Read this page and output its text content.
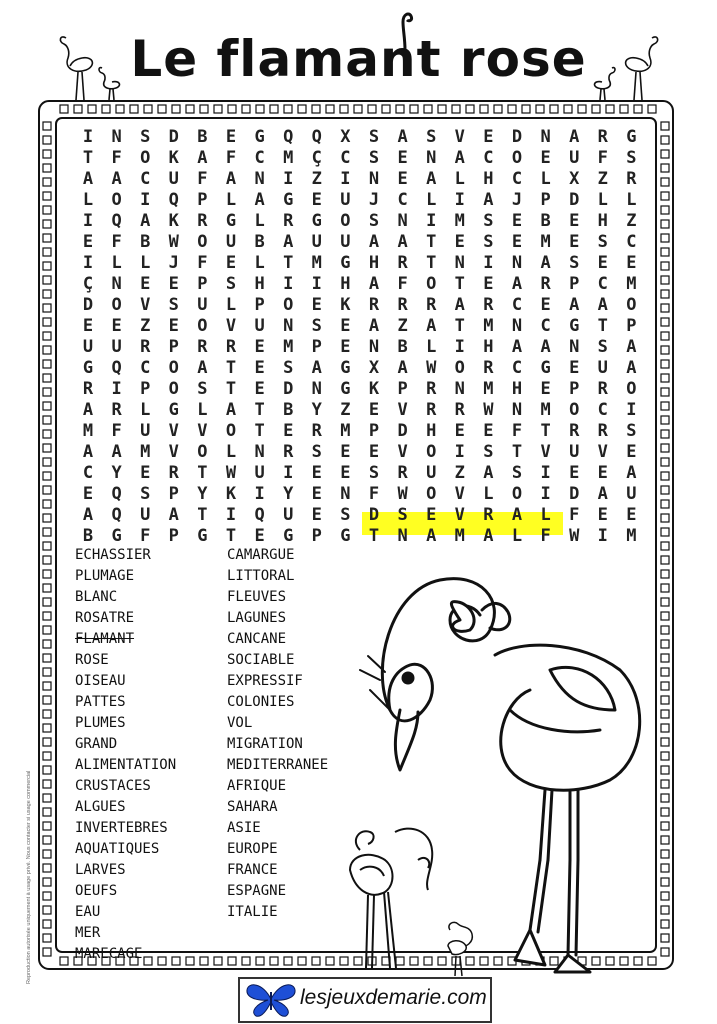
Le flamant rose
I	N	S	D	B	E	G	Q	Q	X	S	A	S	V	E	D	N	A	R	G
T	F	O	K	A	F	C	M	Ç	C	S	E	N	A	C	O	E	U	F	S
A	A	C	U	F	A	N	I	Z	I	N	E	A	L	H	C	L	X	Z	R
L	O	I	Q	P	L	A	G	E	U	J	C	L	I	A	J	P	D	L	L
I	Q	A	K	R	G	L	R	G	O	S	N	I	M	S	E	B	E	H	Z
E	F	B	W	O	U	B	A	U	U	A	A	T	E	S	E	M	E	S	C
I	L	L	J	F	E	L	T	M	G	H	R	T	N	I	N	A	S	E	E
Ç	N	E	E	P	S	H	I	I	H	A	F	O	T	E	A	R	P	C	M
D	O	V	S	U	L	P	O	E	K	R	R	R	A	R	C	E	A	A	O
E	E	Z	E	O	V	U	N	S	E	A	Z	A	T	M	N	C	G	T	P
U	U	R	P	R	R	E	M	P	E	N	B	L	I	H	A	A	N	S	A
G	Q	C	O	A	T	E	S	A	G	X	A	W	O	R	C	G	E	U	A
R	I	P	O	S	T	E	D	N	G	K	P	R	N	M	H	E	P	R	O
A	R	L	G	L	A	T	B	Y	Z	E	V	R	R	W	N	M	O	C	I
M	F	U	V	V	O	T	E	R	M	P	D	H	E	E	F	T	R	R	S
A	A	M	V	O	L	N	R	S	E	E	V	O	I	S	T	V	U	V	E
C	Y	E	R	T	W	U	I	E	E	S	R	U	Z	A	S	I	E	E	A
E	Q	S	P	Y	K	I	Y	E	N	F	W	O	V	L	O	I	D	A	U
A	Q	U	A	T	I	Q	U	E	S	D	S	E	V	R	A	L	F	E	E
B	G	F	P	G	T	E	G	P	G	T	N	A	M	A	L	F	W	I	M
ECHASSIER
PLUMAGE
BLANC
ROSATRE
FLAMANT
ROSE
OISEAU
PATTES
PLUMES
GRAND
ALIMENTATION
CRUSTACES
ALGUES
INVERTEBRES
AQUATIQUES
LARVES
OEUFS
EAU
MER
MARECAGE
CAMARGUE
LITTORAL
FLEUVES
LAGUNES
CANCANE
SOCIABLE
EXPRESSIF
COLONIES
VOL
MIGRATION
MEDITERRANEE
AFRIQUE
SAHARA
ASIE
EUROPE
FRANCE
ESPAGNE
ITALIE
Reproduction autorisée uniquement à usage privé. Nous contacter si usage commercial
lesjeuxdemarie.com
